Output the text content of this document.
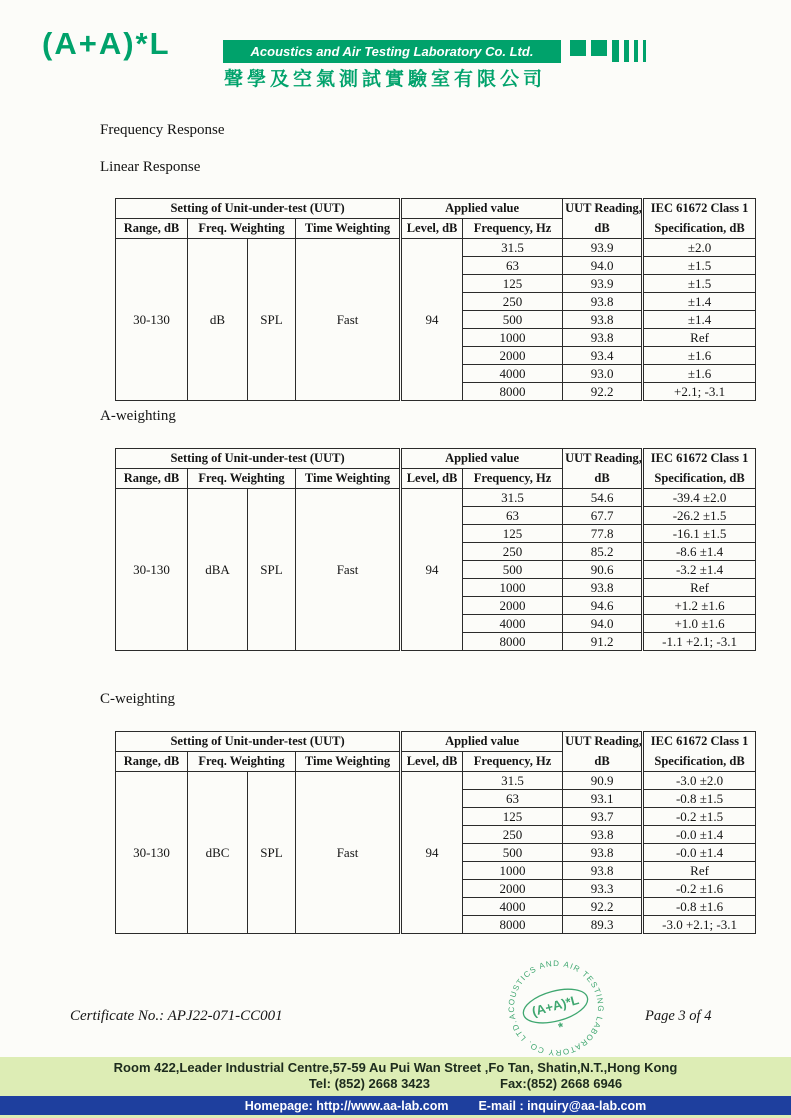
(A+A)*L	Acoustics and Air Testing Laboratory Co. Ltd.
聲學及空氣測試實驗室有限公司
Frequency Response
Linear Response
A-weighting
C-weighting
Setting of Unit-under-test (UUT)				Applied value		UUT Reading,	IEC 61672 Class 1
Range, dB	Freq. Weighting		Time Weighting	Level, dB	Frequency, Hz	dB	Specification, dB
30-130	dB	SPL	Fast	94	31.5	93.9	±2.0
					63	94.0	±1.5
					125	93.9	±1.5
					250	93.8	±1.4
					500	93.8	±1.4
					1000	93.8	Ref
					2000	93.4	±1.6
					4000	93.0	±1.6
					8000	92.2	+2.1; -3.1
Setting of Unit-under-test (UUT)				Applied value		UUT Reading,	IEC 61672 Class 1
Range, dB	Freq. Weighting		Time Weighting	Level, dB	Frequency, Hz	dB	Specification, dB
30-130	dBA	SPL	Fast	94	31.5	54.6	-39.4 ±2.0
					63	67.7	-26.2 ±1.5
					125	77.8	-16.1 ±1.5
					250	85.2	-8.6 ±1.4
					500	90.6	-3.2 ±1.4
					1000	93.8	Ref
					2000	94.6	+1.2 ±1.6
					4000	94.0	+1.0 ±1.6
					8000	91.2	-1.1 +2.1; -3.1
Setting of Unit-under-test (UUT)				Applied value		UUT Reading,	IEC 61672 Class 1
Range, dB	Freq. Weighting		Time Weighting	Level, dB	Frequency, Hz	dB	Specification, dB
30-130	dBC	SPL	Fast	94	31.5	90.9	-3.0 ±2.0
					63	93.1	-0.8 ±1.5
					125	93.7	-0.2 ±1.5
					250	93.8	-0.0 ±1.4
					500	93.8	-0.0 ±1.4
					1000	93.8	Ref
					2000	93.3	-0.2 ±1.6
					4000	92.2	-0.8 ±1.6
					8000	89.3	-3.0 +2.1; -3.1
Certificate No.: APJ22-071-CC001	Page 3 of 4
ACOUSTICS AND AIR TESTING LABORATORY CO. LTD.
(A+A)*L
*
Room 422,Leader Industrial Centre,57-59 Au Pui Wan Street ,Fo Tan, Shatin,N.T.,Hong Kong
Tel: (852) 2668 3423	Fax:(852) 2668 6946
Homepage: http://www.aa-lab.com E-mail : inquiry@aa-lab.com
